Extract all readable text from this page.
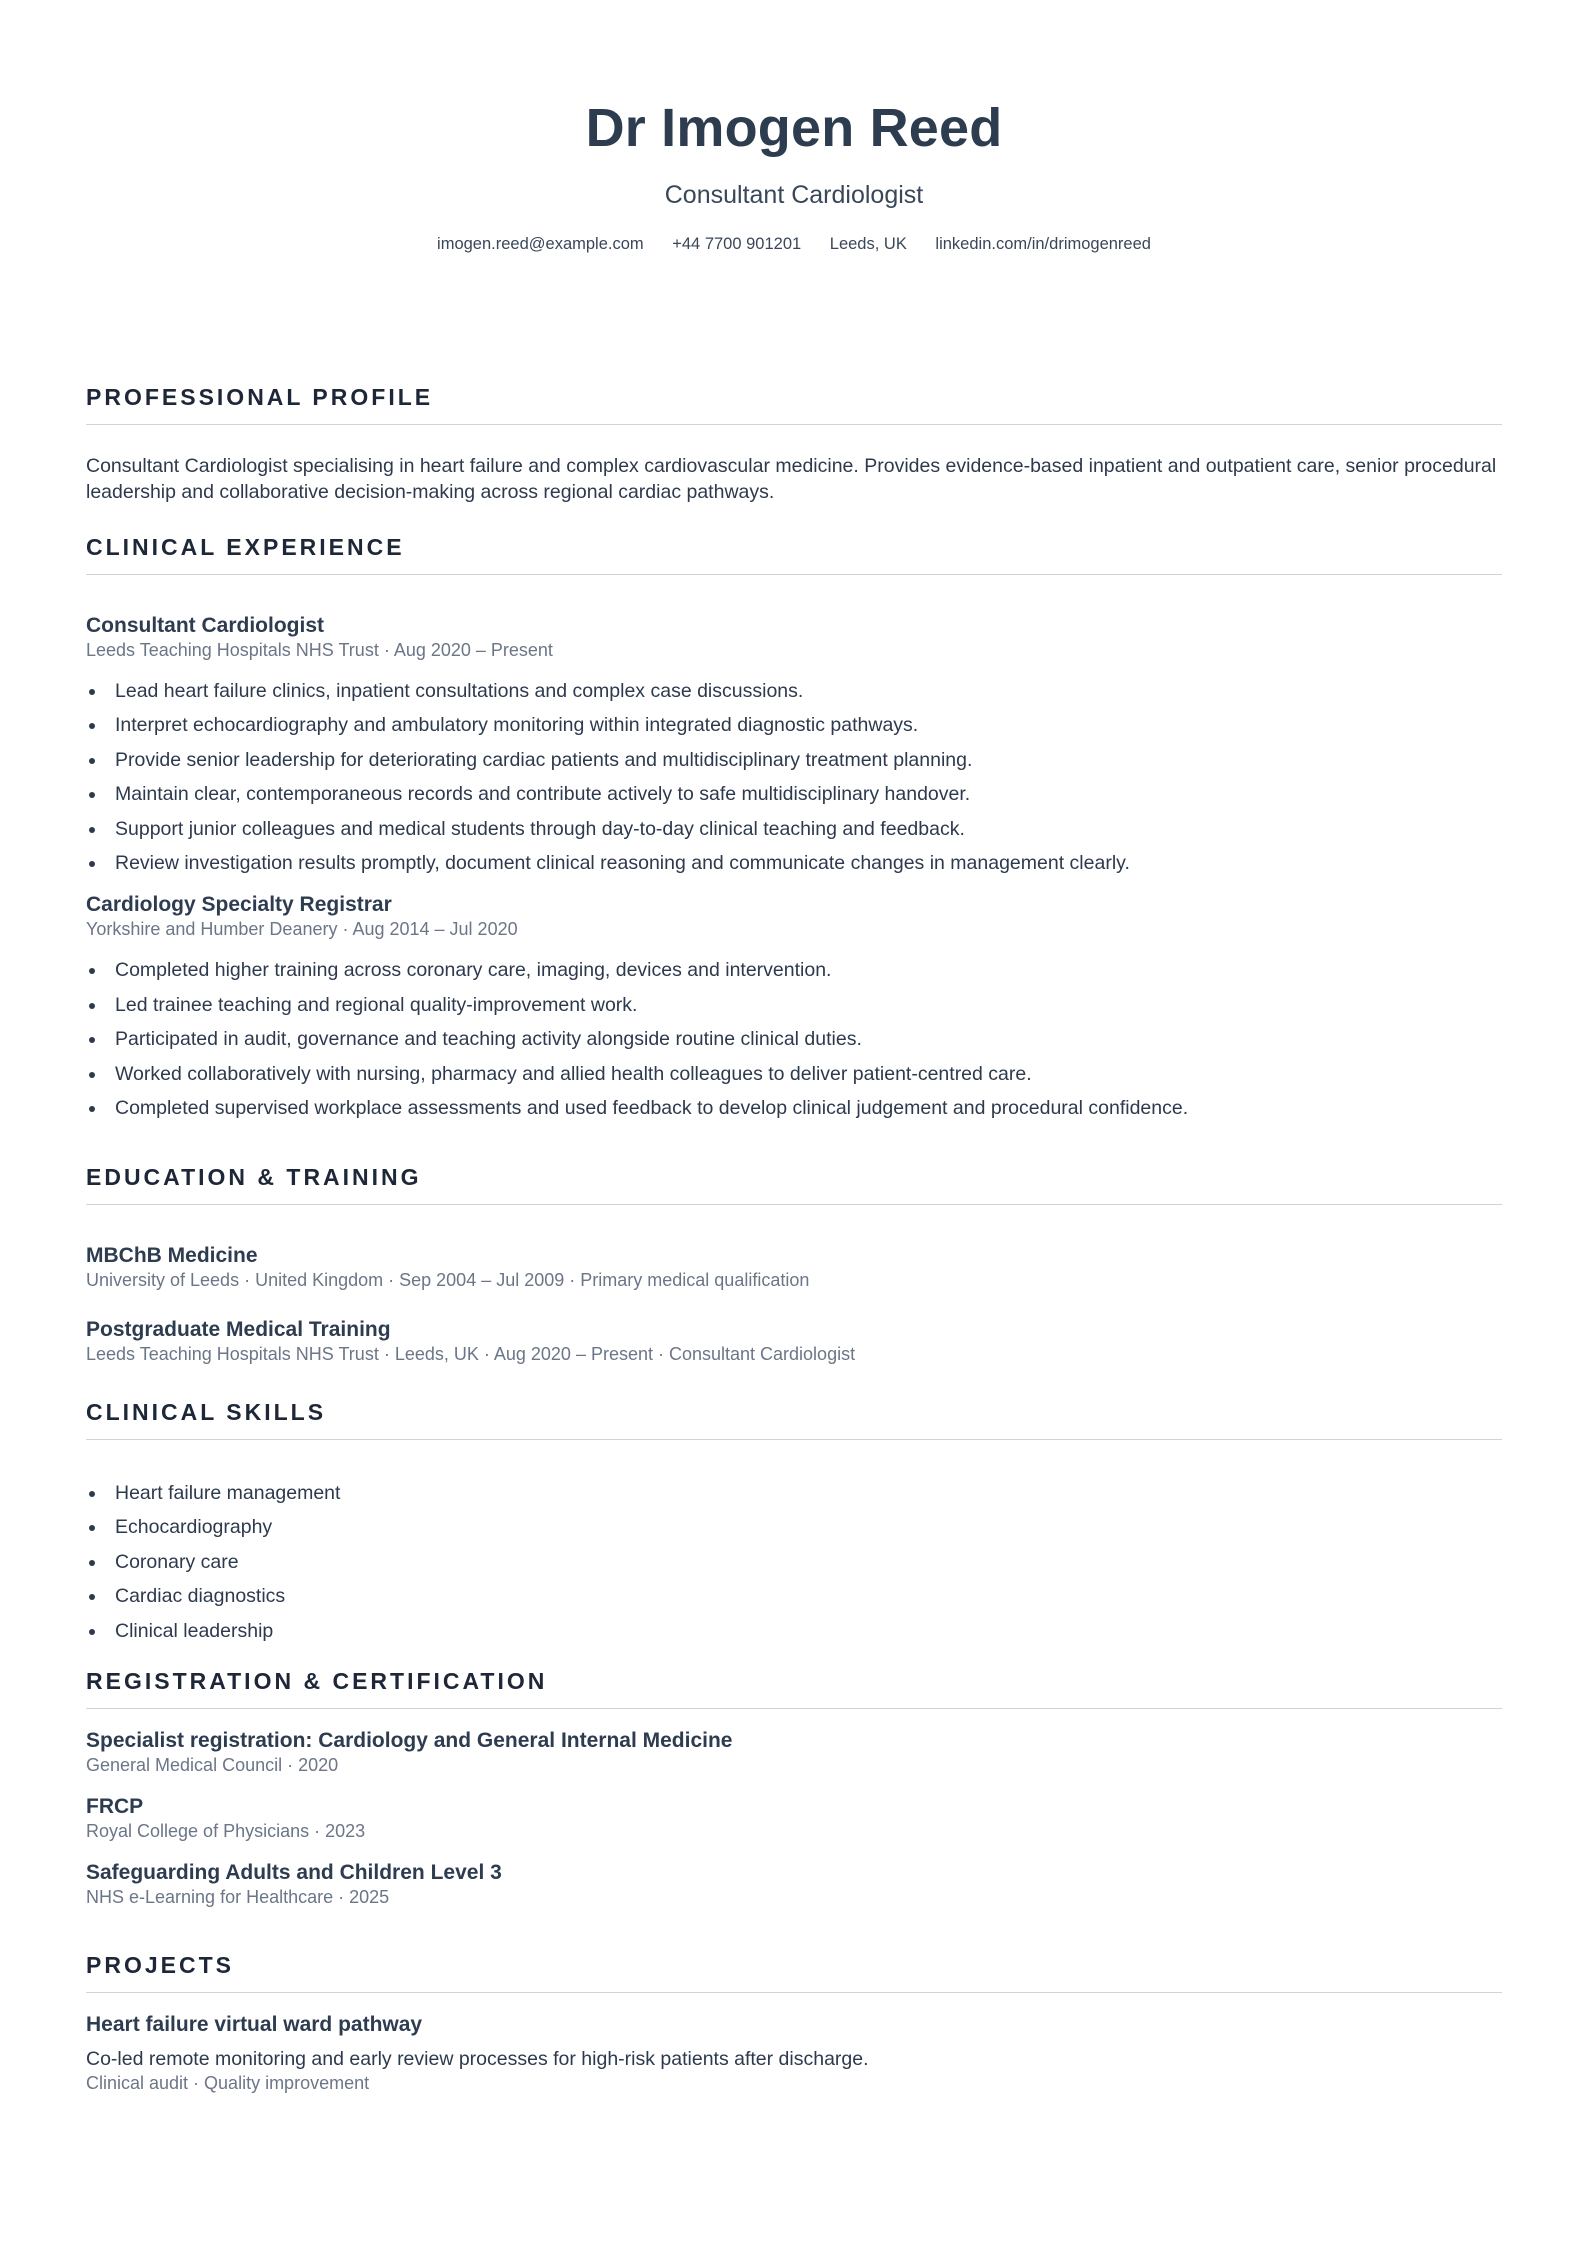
Dr Imogen Reed
Consultant Cardiologist
imogen.reed@example.com +44 7700 901201 Leeds, UK linkedin.com/in/drimogenreed
PROFESSIONAL PROFILE
Consultant Cardiologist specialising in heart failure and complex cardiovascular medicine. Provides evidence-based inpatient and outpatient care, senior procedural leadership and collaborative decision-making across regional cardiac pathways.
CLINICAL EXPERIENCE
Consultant Cardiologist
Leeds Teaching Hospitals NHS Trust · Aug 2020 – Present
Lead heart failure clinics, inpatient consultations and complex case discussions.
Interpret echocardiography and ambulatory monitoring within integrated diagnostic pathways.
Provide senior leadership for deteriorating cardiac patients and multidisciplinary treatment planning.
Maintain clear, contemporaneous records and contribute actively to safe multidisciplinary handover.
Support junior colleagues and medical students through day-to-day clinical teaching and feedback.
Review investigation results promptly, document clinical reasoning and communicate changes in management clearly.
Cardiology Specialty Registrar
Yorkshire and Humber Deanery · Aug 2014 – Jul 2020
Completed higher training across coronary care, imaging, devices and intervention.
Led trainee teaching and regional quality-improvement work.
Participated in audit, governance and teaching activity alongside routine clinical duties.
Worked collaboratively with nursing, pharmacy and allied health colleagues to deliver patient-centred care.
Completed supervised workplace assessments and used feedback to develop clinical judgement and procedural confidence.
EDUCATION & TRAINING
MBChB Medicine
University of Leeds · United Kingdom · Sep 2004 – Jul 2009 · Primary medical qualification
Postgraduate Medical Training
Leeds Teaching Hospitals NHS Trust · Leeds, UK · Aug 2020 – Present · Consultant Cardiologist
CLINICAL SKILLS
Heart failure management
Echocardiography
Coronary care
Cardiac diagnostics
Clinical leadership
REGISTRATION & CERTIFICATION
Specialist registration: Cardiology and General Internal Medicine
General Medical Council · 2020
FRCP
Royal College of Physicians · 2023
Safeguarding Adults and Children Level 3
NHS e-Learning for Healthcare · 2025
PROJECTS
Heart failure virtual ward pathway
Co-led remote monitoring and early review processes for high-risk patients after discharge.
Clinical audit · Quality improvement
